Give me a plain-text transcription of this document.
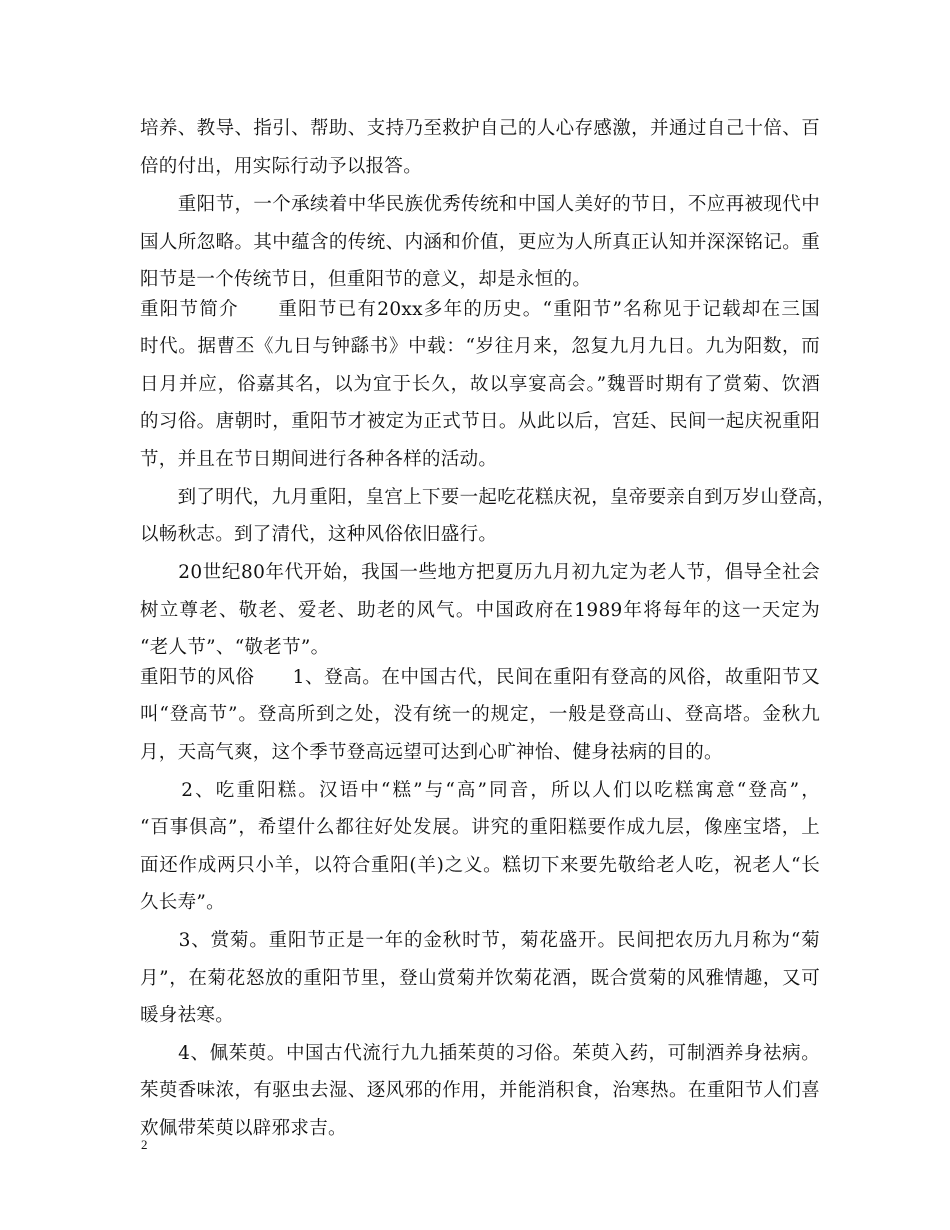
培养、教导、指引、帮助、支持乃至救护自己的人心存感激，并通过自己十倍、百
倍的付出，用实际行动予以报答。
　　重阳节，一个承续着中华民族优秀传统和中国人美好的节日，不应再被现代中
国人所忽略。其中蕴含的传统、内涵和价值，更应为人所真正认知并深深铭记。重
阳节是一个传统节日，但重阳节的意义，却是永恒的。
重阳节简介　　重阳节已有20xx多年的历史。“重阳节”名称见于记载却在三国
时代。据曹丕《九日与钟繇书》中载：“岁往月来，忽复九月九日。九为阳数，而
日月并应，俗嘉其名，以为宜于长久，故以享宴高会。”魏晋时期有了赏菊、饮酒
的习俗。唐朝时，重阳节才被定为正式节日。从此以后，宫廷、民间一起庆祝重阳
节，并且在节日期间进行各种各样的活动。
　　到了明代，九月重阳，皇宫上下要一起吃花糕庆祝，皇帝要亲自到万岁山登高，
以畅秋志。到了清代，这种风俗依旧盛行。
　　20世纪80年代开始，我国一些地方把夏历九月初九定为老人节，倡导全社会
树立尊老、敬老、爱老、助老的风气。中国政府在1989年将每年的这一天定为
“老人节”、“敬老节”。
重阳节的风俗　　1、登高。在中国古代，民间在重阳有登高的风俗，故重阳节又
叫“登高节”。登高所到之处，没有统一的规定，一般是登高山、登高塔。金秋九
月，天高气爽，这个季节登高远望可达到心旷神怡、健身祛病的目的。
　　2、吃重阳糕。汉语中“糕”与“高”同音，所以人们以吃糕寓意“登高”，
“百事俱高”，希望什么都往好处发展。讲究的重阳糕要作成九层，像座宝塔，上
面还作成两只小羊，以符合重阳(羊)之义。糕切下来要先敬给老人吃，祝老人“长
久长寿”。
　　3、赏菊。重阳节正是一年的金秋时节，菊花盛开。民间把农历九月称为“菊
月”，在菊花怒放的重阳节里，登山赏菊并饮菊花酒，既合赏菊的风雅情趣，又可
暖身祛寒。
　　4、佩茱萸。中国古代流行九九插茱萸的习俗。茱萸入药，可制酒养身祛病。
茱萸香味浓，有驱虫去湿、逐风邪的作用，并能消积食，治寒热。在重阳节人们喜
欢佩带茱萸以辟邪求吉。
2
